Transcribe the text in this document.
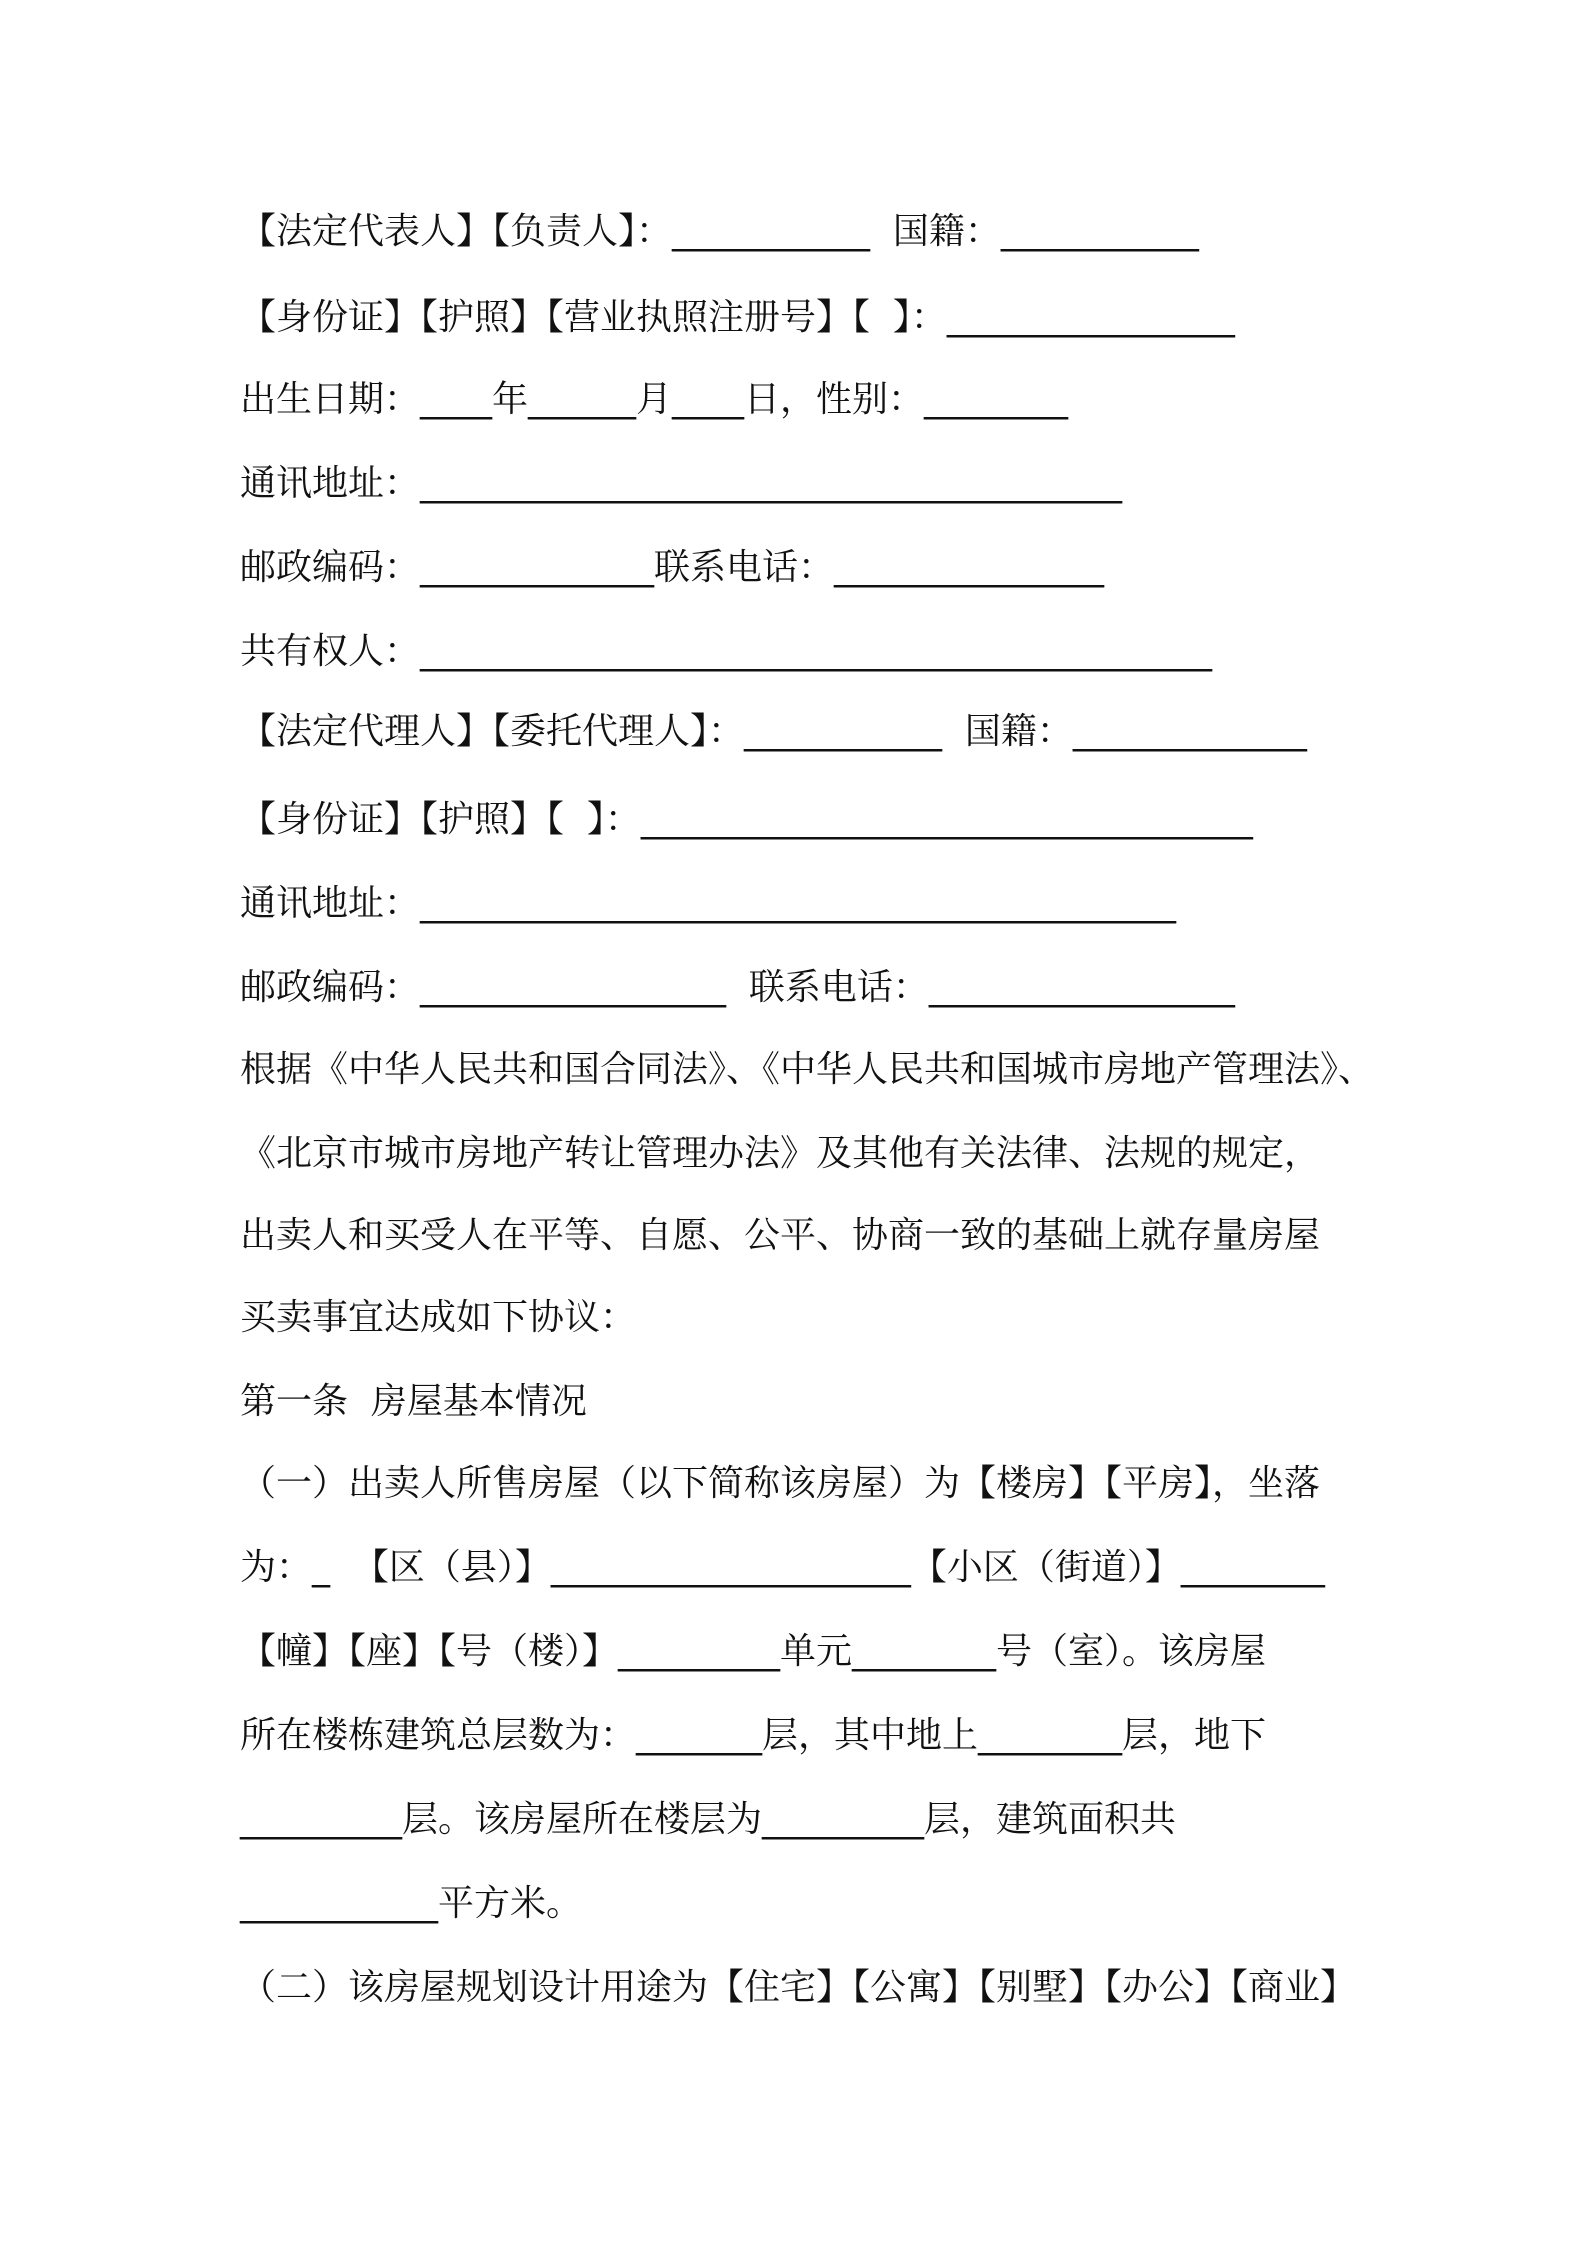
【法定代表人】【负责人】：___________  国籍：___________
【身份证】【护照】【营业执照注册号】【  】：________________
出生日期：____年______月____日，性别：________
通讯地址：_______________________________________
邮政编码：_____________联系电话：_______________
共有权人：____________________________________________
【法定代理人】【委托代理人】：___________  国籍：_____________
【身份证】【护照】【  】：__________________________________
通讯地址：__________________________________________
邮政编码：_________________  联系电话：_________________
根据《中华人民共和国合同法》、《中华人民共和国城市房地产管理法》、
《北京市城市房地产转让管理办法》及其他有关法律、法规的规定，
出卖人和买受人在平等、自愿、公平、协商一致的基础上就存量房屋
买卖事宜达成如下协议：
第一条  房屋基本情况
（一）出卖人所售房屋（以下简称该房屋）为【楼房】【平房】，坐落
为：_  【区（县）】____________________【小区（街道）】________
【幢】【座】【号（楼）】_________单元________号（室）。该房屋
所在楼栋建筑总层数为：_______层，其中地上________层，地下
_________层。该房屋所在楼层为_________层，建筑面积共
___________平方米。
（二）该房屋规划设计用途为【住宅】【公寓】【别墅】【办公】【商业】
